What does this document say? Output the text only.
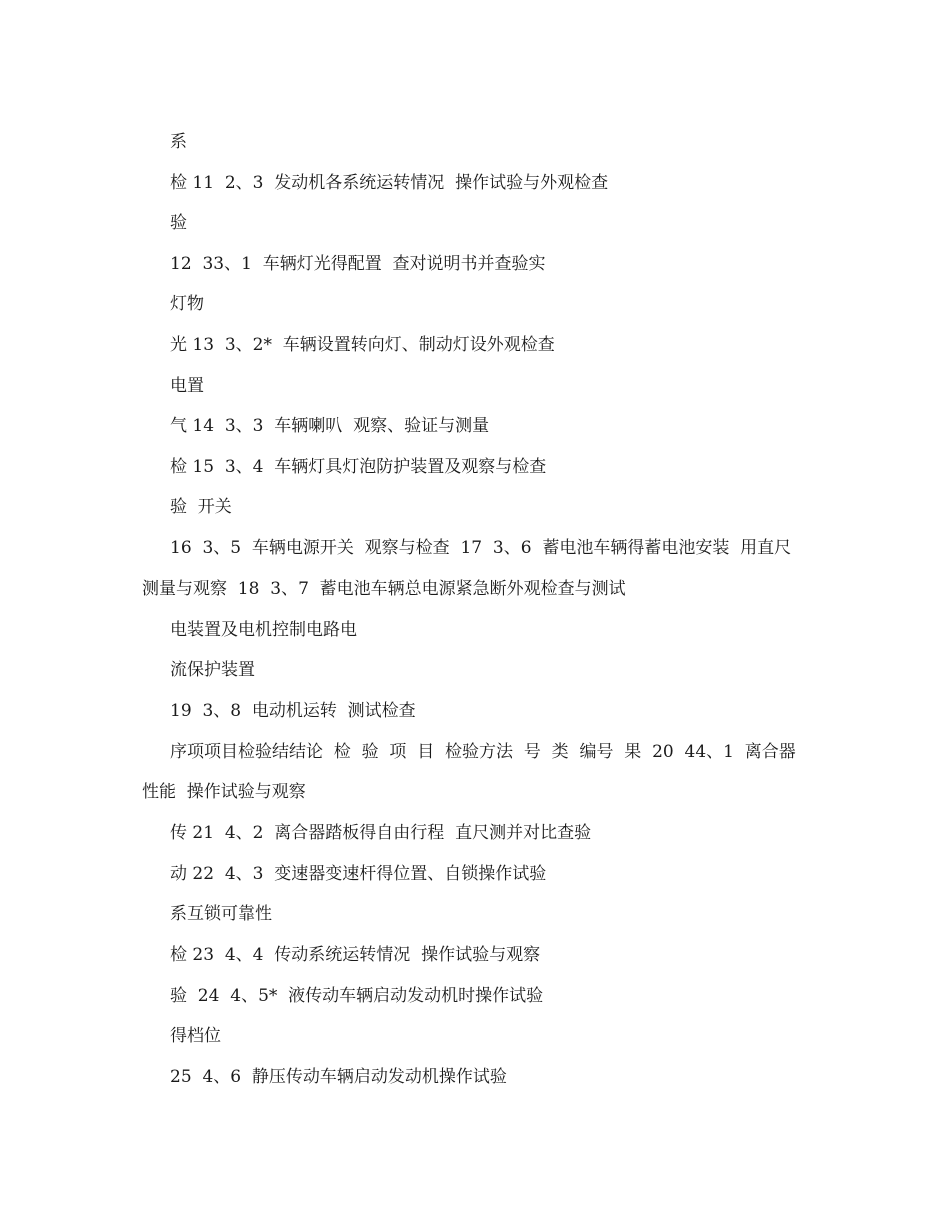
系

检 11  2、3  发动机各系统运转情况  操作试验与外观检查

验

12  33、1  车辆灯光得配置  查对说明书并查验实

灯物

光 13  3、2*  车辆设置转向灯、制动灯设外观检查

电置

气 14  3、3  车辆喇叭  观察、验证与测量

检 15  3、4  车辆灯具灯泡防护装置及观察与检查

验  开关

16  3、5  车辆电源开关  观察与检查  17  3、6  蓄电池车辆得蓄电池安装  用直尺测量与观察  18  3、7  蓄电池车辆总电源紧急断外观检查与测试

电装置及电机控制电路电

流保护装置

19  3、8  电动机运转  测试检查

序项项目检验结结论  检  验  项  目  检验方法  号  类  编号  果  20  44、1  离合器性能  操作试验与观察

传 21  4、2  离合器踏板得自由行程  直尺测并对比查验

动 22  4、3  变速器变速杆得位置、自锁操作试验

系互锁可靠性

检 23  4、4  传动系统运转情况  操作试验与观察

验  24  4、5*  液传动车辆启动发动机时操作试验

得档位

25  4、6  静压传动车辆启动发动机操作试验
